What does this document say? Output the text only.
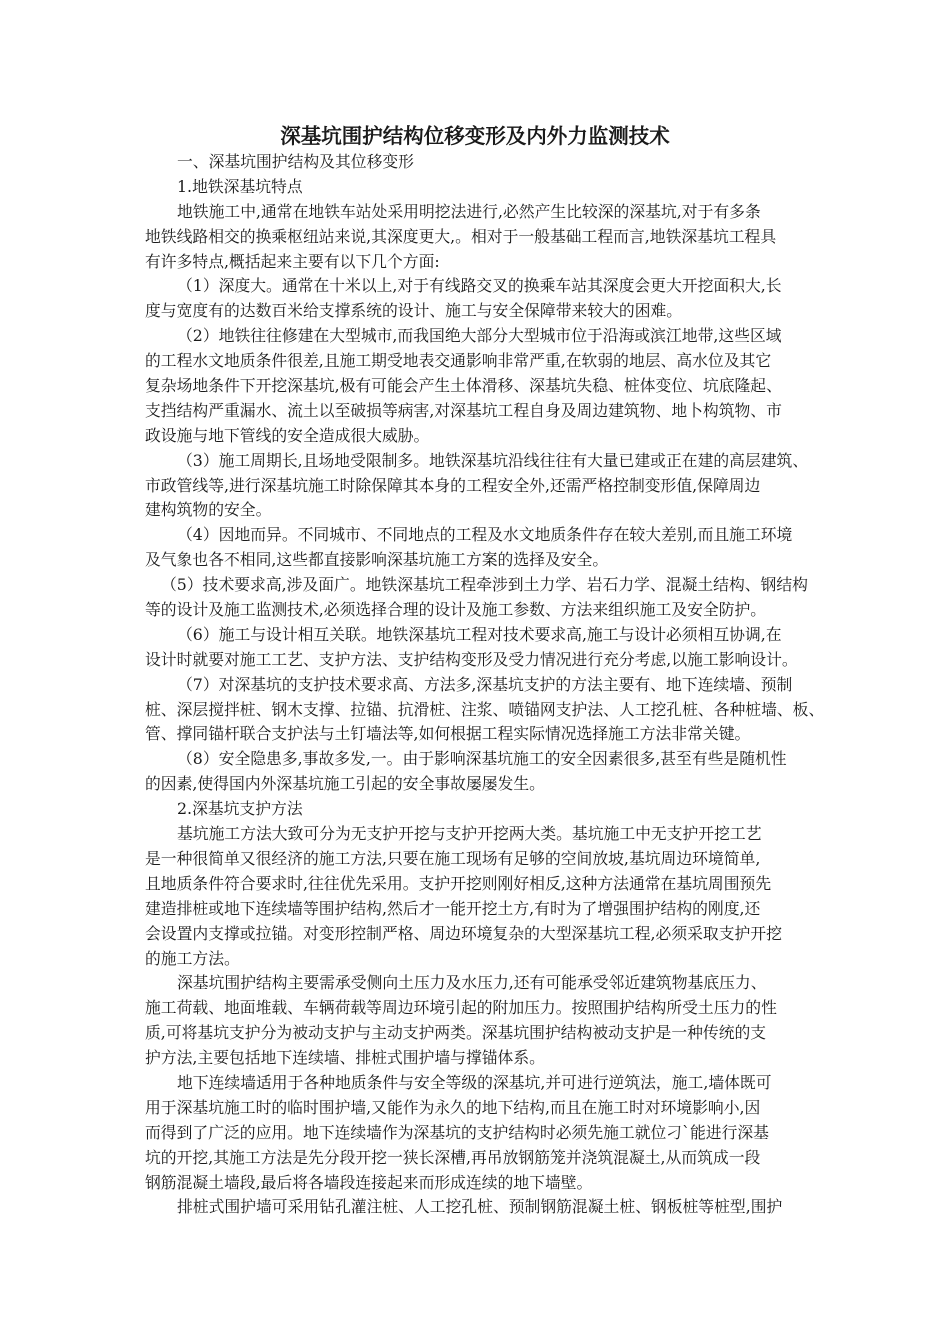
深基坑围护结构位移变形及内外力监测技术
一、深基坑围护结构及其位移变形
1.地铁深基坑特点
地铁施工中,通常在地铁车站处采用明挖法进行,必然产生比较深的深基坑,对于有多条
地铁线路相交的换乘枢纽站来说,其深度更大,。相对于一般基础工程而言,地铁深基坑工程具
有许多特点,概括起来主要有以下几个方面:
（1）深度大。通常在十米以上,对于有线路交叉的换乘车站其深度会更大开挖面积大,长
度与宽度有的达数百米给支撑系统的设计、施工与安全保障带来较大的困难。
（2）地铁往往修建在大型城市,而我国绝大部分大型城市位于沿海或滨江地带,这些区域
的工程水文地质条件很差,且施工期受地表交通影响非常严重,在软弱的地层、高水位及其它
复杂场地条件下开挖深基坑,极有可能会产生土体滑移、深基坑失稳、桩体变位、坑底隆起、
支挡结构严重漏水、流土以至破损等病害,对深基坑工程自身及周边建筑物、地卜构筑物、市
政设施与地下管线的安全造成很大威胁。
（3）施工周期长,且场地受限制多。地铁深基坑沿线往往有大量已建或正在建的高层建筑、
市政管线等,进行深基坑施工时除保障其本身的工程安全外,还需严格控制变形值,保障周边
建构筑物的安全。
（4）因地而异。不同城市、不同地点的工程及水文地质条件存在较大差别,而且施工环境
及气象也各不相同,这些都直接影响深基坑施工方案的选择及安全。
（5）技术要求高,涉及面广。地铁深基坑工程牵涉到土力学、岩石力学、混凝土结构、钢结构
等的设计及施工监测技术,必须选择合理的设计及施工参数、方法来组织施工及安全防护。
（6）施工与设计相互关联。地铁深基坑工程对技术要求高,施工与设计必须相互协调,在
设计时就要对施工工艺、支护方法、支护结构变形及受力情况进行充分考虑,以施工影响设计。
（7）对深基坑的支护技术要求高、方法多,深基坑支护的方法主要有、地下连续墙、预制
桩、深层搅拌桩、钢木支撑、拉锚、抗滑桩、注浆、喷锚网支护法、人工挖孔桩、各种桩墙、板、
管、撑同锚杆联合支护法与土钉墙法等,如何根据工程实际情况选择施工方法非常关键。
（8）安全隐患多,事故多发,一。由于影响深基坑施工的安全因素很多,甚至有些是随机性
的因素,使得国内外深基坑施工引起的安全事故屡屡发生。
2.深基坑支护方法
基坑施工方法大致可分为无支护开挖与支护开挖两大类。基坑施工中无支护开挖工艺
是一种很简单又很经济的施工方法,只要在施工现场有足够的空间放坡,基坑周边环境简单,
且地质条件符合要求时,往往优先采用。支护开挖则刚好相反,这种方法通常在基坑周围预先
建造排桩或地下连续墙等围护结构,然后才一能开挖土方,有时为了增强围护结构的刚度,还
会设置内支撑或拉锚。对变形控制严格、周边环境复杂的大型深基坑工程,必须采取支护开挖
的施工方法。
深基坑围护结构主要需承受侧向土压力及水压力,还有可能承受邻近建筑物基底压力、
施工荷载、地面堆载、车辆荷载等周边环境引起的附加压力。按照围护结构所受土压力的性
质,可将基坑支护分为被动支护与主动支护两类。深基坑围护结构被动支护是一种传统的支
护方法,主要包括地下连续墙、排桩式围护墙与撑锚体系。
地下连续墙适用于各种地质条件与安全等级的深基坑,并可进行逆筑法，施工,墙体既可
用于深基坑施工时的临时围护墙,又能作为永久的地下结构,而且在施工时对环境影响小,因
而得到了广泛的应用。地下连续墙作为深基坑的支护结构时必须先施工就位刁`能进行深基
坑的开挖,其施工方法是先分段开挖一狭长深槽,再吊放钢筋笼并浇筑混凝土,从而筑成一段
钢筋混凝土墙段,最后将各墙段连接起来而形成连续的地下墙壁。
排桩式围护墙可采用钻孔灌注桩、人工挖孔桩、预制钢筋混凝土桩、钢板桩等桩型,围护
